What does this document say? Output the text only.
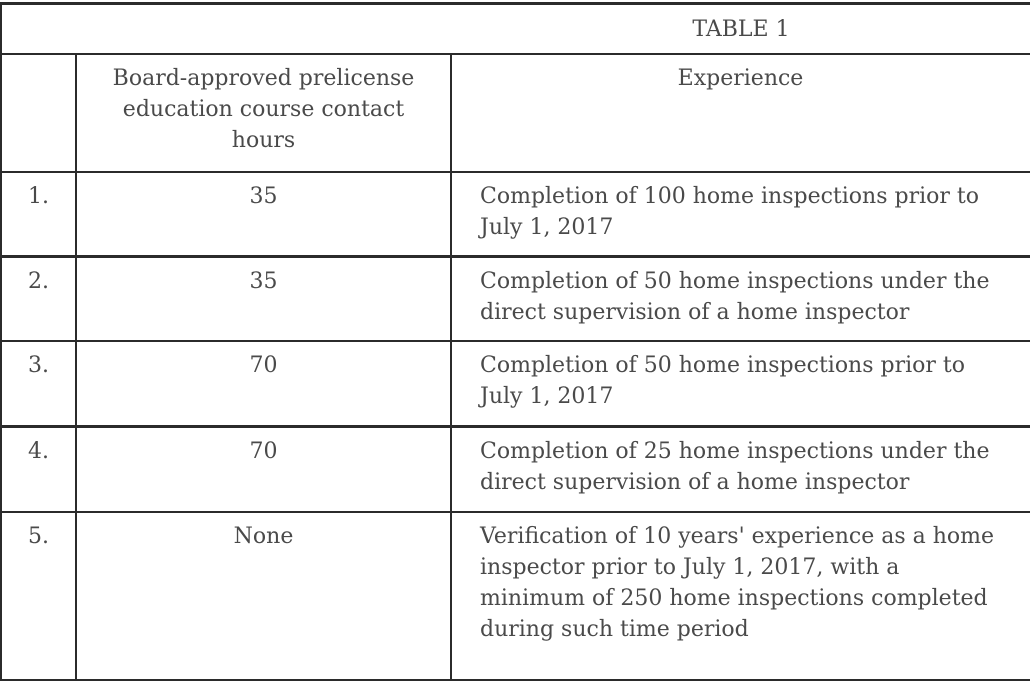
TABLE 1		

	Board-approved prelicense education course contact hours	Experience

1.	35	Completion of 100 home inspections prior to July 1, 2017

2.	35	Completion of 50 home inspections under the direct supervision of a home inspector

3.	70	Completion of 50 home inspections prior to July 1, 2017

4.	70	Completion of 25 home inspections under the direct supervision of a home inspector

5.	None	Verification of 10 years' experience as a home inspector prior to July 1, 2017, with a minimum of 250 home inspections completed during such time period
